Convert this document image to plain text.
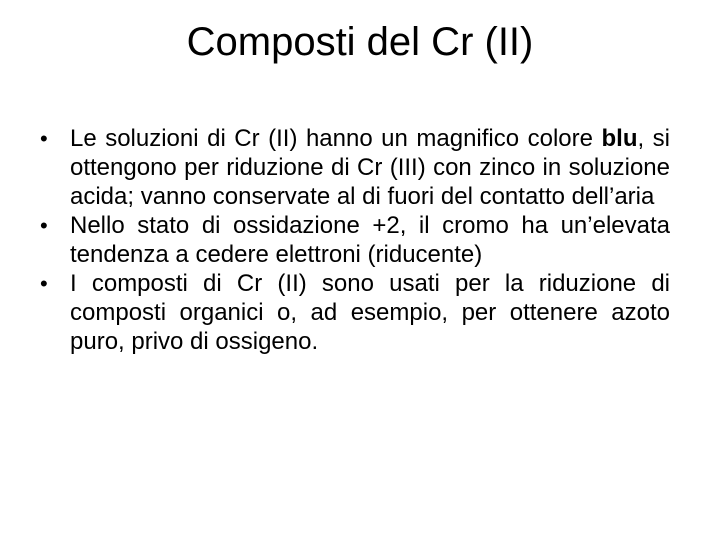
Composti del Cr (II)
• Le soluzioni di Cr (II) hanno un magnifico colore blu, si ottengono per riduzione di Cr (III) con zinco in soluzione acida; vanno conservate al di fuori del contatto dell’aria
• Nello stato di ossidazione +2, il cromo ha un’elevata tendenza a cedere elettroni (riducente)
• I composti di Cr (II) sono usati per la riduzione di composti organici o, ad esempio, per ottenere azoto puro, privo di ossigeno.
